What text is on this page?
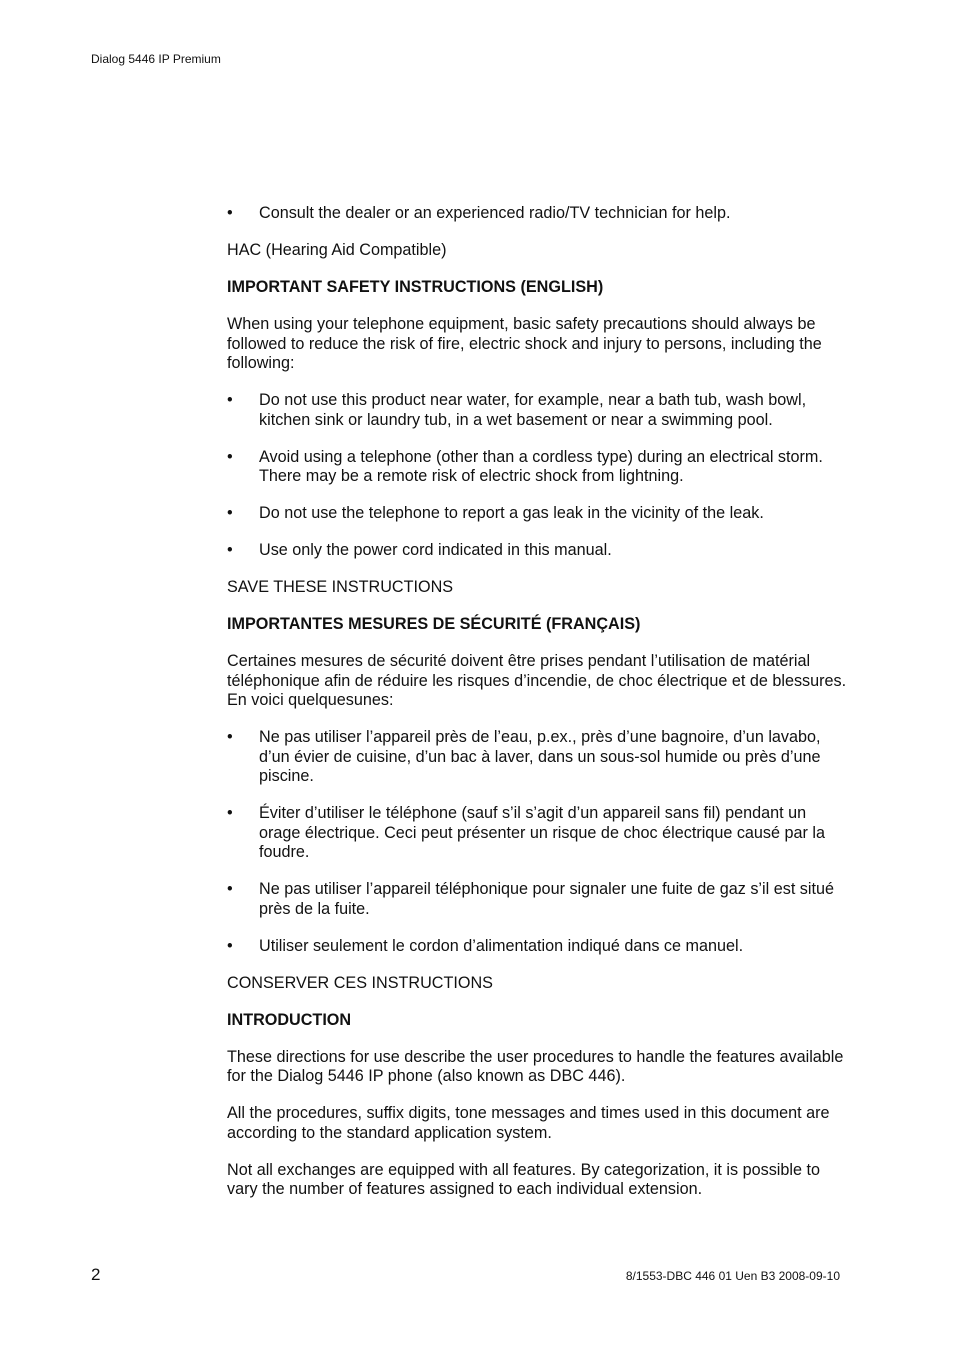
Dialog 5446 IP Premium
• Consult the dealer or an experienced radio/TV technician for help.

HAC (Hearing Aid Compatible)

IMPORTANT SAFETY INSTRUCTIONS (ENGLISH)

When using your telephone equipment, basic safety precautions should always be followed to reduce the risk of fire, electric shock and injury to persons, including the following:

• Do not use this product near water, for example, near a bath tub, wash bowl, kitchen sink or laundry tub, in a wet basement or near a swimming pool.
• Avoid using a telephone (other than a cordless type) during an electrical storm. There may be a remote risk of electric shock from lightning.
• Do not use the telephone to report a gas leak in the vicinity of the leak.
• Use only the power cord indicated in this manual.

SAVE THESE INSTRUCTIONS

IMPORTANTES MESURES DE SÉCURITÉ (FRANÇAIS)

Certaines mesures de sécurité doivent être prises pendant l’utilisation de matérial téléphonique afin de réduire les risques d’incendie, de choc électrique et de blessures. En voici quelquesunes:

• Ne pas utiliser l’appareil près de l’eau, p.ex., près d’une bagnoire, d’un lavabo, d’un évier de cuisine, d’un bac à laver, dans un sous-sol humide ou près d’une piscine.
• Éviter d’utiliser le téléphone (sauf s’il s’agit d’un appareil sans fil) pendant un orage électrique. Ceci peut présenter un risque de choc électrique causé par la foudre.
• Ne pas utiliser l’appareil téléphonique pour signaler une fuite de gaz s’il est situé près de la fuite.
• Utiliser seulement le cordon d’alimentation indiqué dans ce manuel.

CONSERVER CES INSTRUCTIONS

INTRODUCTION

These directions for use describe the user procedures to handle the features available for the Dialog 5446 IP phone (also known as DBC 446).

All the procedures, suffix digits, tone messages and times used in this document are according to the standard application system.

Not all exchanges are equipped with all features. By categorization, it is possible to vary the number of features assigned to each individual extension.

2	8/1553-DBC 446 01 Uen B3 2008-09-10
